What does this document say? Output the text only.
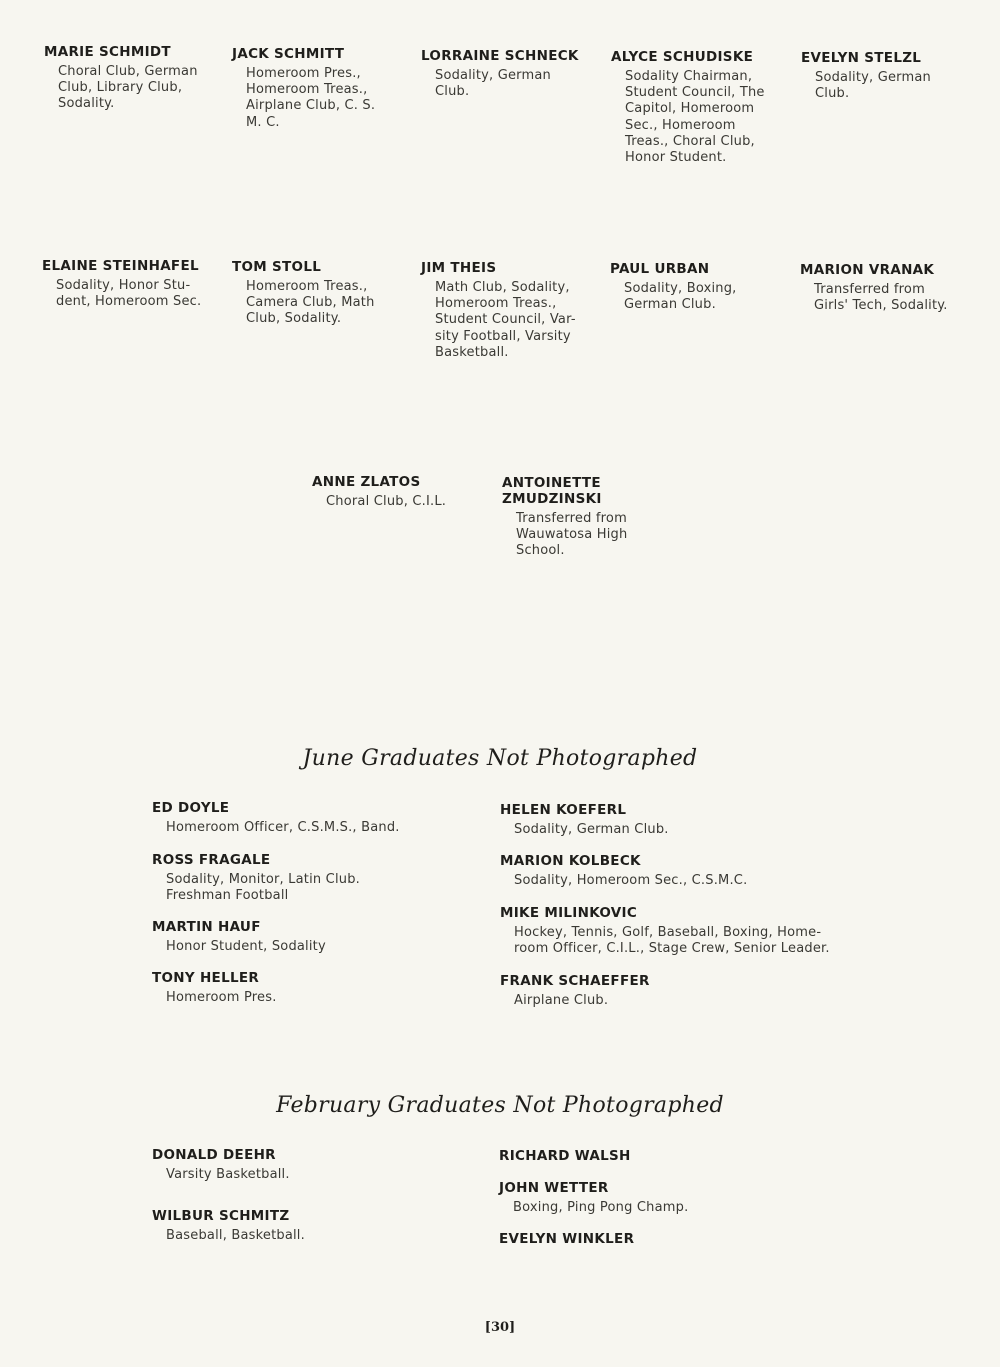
MARIE SCHMIDT
Choral Club, German
Club, Library Club,
Sodality.
JACK SCHMITT
Homeroom Pres.,
Homeroom Treas.,
Airplane Club, C. S.
M. C.
LORRAINE SCHNECK
Sodality, German
Club.
ALYCE SCHUDISKE
Sodality Chairman,
Student Council, The
Capitol, Homeroom
Sec., Homeroom
Treas., Choral Club,
Honor Student.
EVELYN STELZL
Sodality, German
Club.
ELAINE STEINHAFEL
Sodality, Honor Stu-
dent, Homeroom Sec.
TOM STOLL
Homeroom Treas.,
Camera Club, Math
Club, Sodality.
JIM THEIS
Math Club, Sodality,
Homeroom Treas.,
Student Council, Var-
sity Football, Varsity
Basketball.
PAUL URBAN
Sodality, Boxing,
German Club.
MARION VRANAK
Transferred from
Girls' Tech, Sodality.
ANNE ZLATOS
Choral Club, C.I.L.
ANTOINETTE
ZMUDZINSKI
Transferred from
Wauwatosa High
School.
June Graduates Not Photographed
ED DOYLE
Homeroom Officer, C.S.M.S., Band.
ROSS FRAGALE
Sodality, Monitor, Latin Club.
Freshman Football
MARTIN HAUF
Honor Student, Sodality
TONY HELLER
Homeroom Pres.
HELEN KOEFERL
Sodality, German Club.
MARION KOLBECK
Sodality, Homeroom Sec., C.S.M.C.
MIKE MILINKOVIC
Hockey, Tennis, Golf, Baseball, Boxing, Home-
room Officer, C.I.L., Stage Crew, Senior Leader.
FRANK SCHAEFFER
Airplane Club.
February Graduates Not Photographed
DONALD DEEHR
Varsity Basketball.
WILBUR SCHMITZ
Baseball, Basketball.
RICHARD WALSH
JOHN WETTER
Boxing, Ping Pong Champ.
EVELYN WINKLER
[30]
